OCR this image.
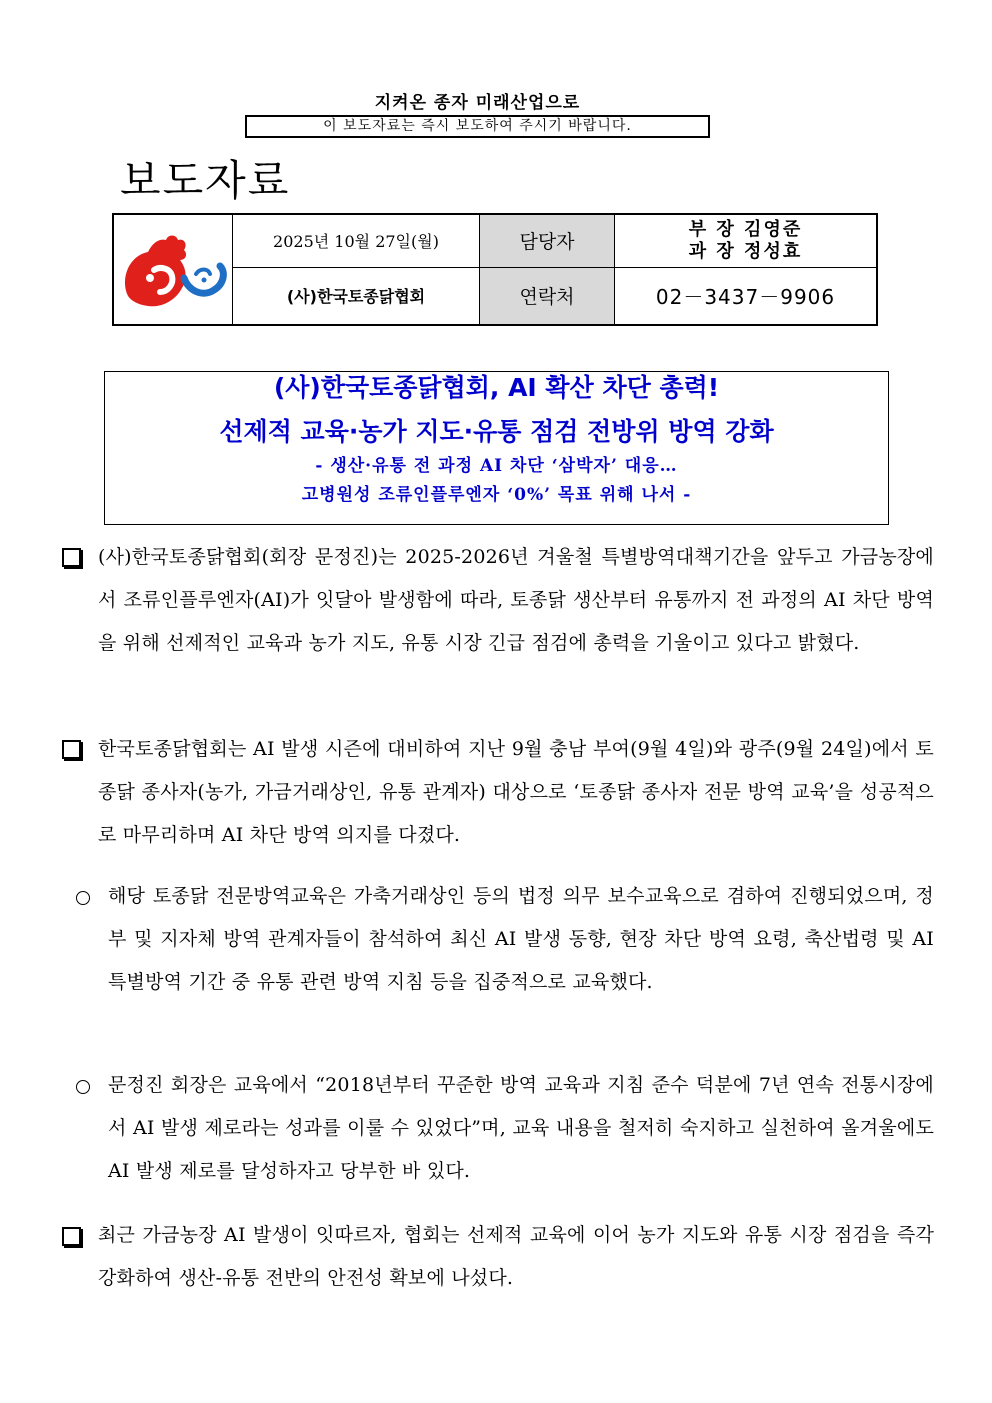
지켜온 종자 미래산업으로
이 보도자료는 즉시 보도하여 주시기 바랍니다.
보도자료
	2025년 10월 27일(월)	담당자	부 장 김영준
과 장 정성효

	(사)한국토종닭협회	연락처	02－3437－9906
(사)한국토종닭협회, AI 확산 차단 총력!
선제적 교육·농가 지도·유통 점검 전방위 방역 강화
- 생산·유통 전 과정 AI 차단 ‘삼박자’ 대응…
고병원성 조류인플루엔자 ‘0%’ 목표 위해 나서 -
(사)한국토종닭협회(회장 문정진)는 2025-2026년 겨울철 특별방역대책기간을 앞두고 가금농장에서 조류인플루엔자(AI)가 잇달아 발생함에 따라, 토종닭 생산부터 유통까지 전 과정의 AI 차단 방역을 위해 선제적인 교육과 농가 지도, 유통 시장 긴급 점검에 총력을 기울이고 있다고 밝혔다.
한국토종닭협회는 AI 발생 시즌에 대비하여 지난 9월 충남 부여(9월 4일)와 광주(9월 24일)에서 토종닭 종사자(농가, 가금거래상인, 유통 관계자) 대상으로 ‘토종닭 종사자 전문 방역 교육’을 성공적으로 마무리하며 AI 차단 방역 의지를 다졌다.
해당 토종닭 전문방역교육은 가축거래상인 등의 법정 의무 보수교육으로 겸하여 진행되었으며, 정부 및 지자체 방역 관계자들이 참석하여 최신 AI 발생 동향, 현장 차단 방역 요령, 축산법령 및 AI 특별방역 기간 중 유통 관련 방역 지침 등을 집중적으로 교육했다.
문정진 회장은 교육에서 “2018년부터 꾸준한 방역 교육과 지침 준수 덕분에 7년 연속 전통시장에서 AI 발생 제로라는 성과를 이룰 수 있었다”며, 교육 내용을 철저히 숙지하고 실천하여 올겨울에도 AI 발생 제로를 달성하자고 당부한 바 있다.
최근 가금농장 AI 발생이 잇따르자, 협회는 선제적 교육에 이어 농가 지도와 유통 시장 점검을 즉각 강화하여 생산-유통 전반의 안전성 확보에 나섰다.
